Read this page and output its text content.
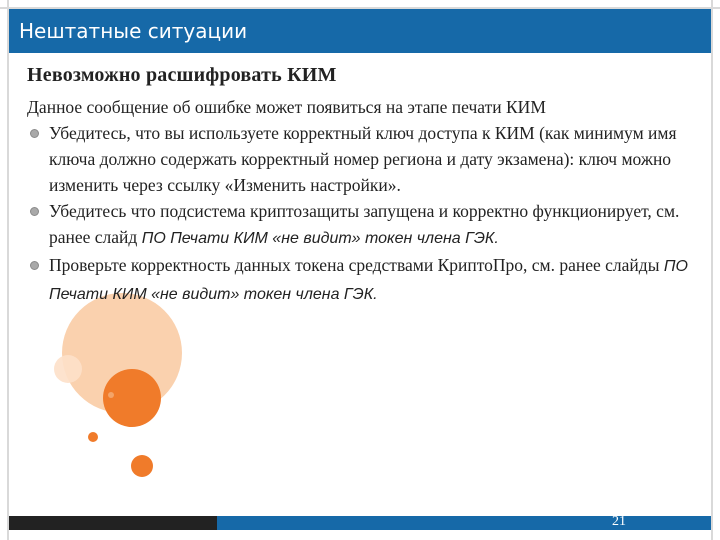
Нештатные ситуации
Невозможно расшифровать КИМ
Данное сообщение об ошибке может появиться на этапе печати КИМ
Убедитесь, что вы используете корректный ключ доступа к КИМ (как минимум имя ключа должно содержать корректный номер региона и дату экзамена): ключ можно изменить через ссылку «Изменить настройки».
Убедитесь что подсистема криптозащиты запущена и корректно функционирует, см. ранее слайд ПО Печати КИМ «не видит» токен члена ГЭК.
Проверьте корректность данных токена средствами КриптоПро, см. ранее слайды ПО Печати КИМ «не видит» токен члена ГЭК.
21
